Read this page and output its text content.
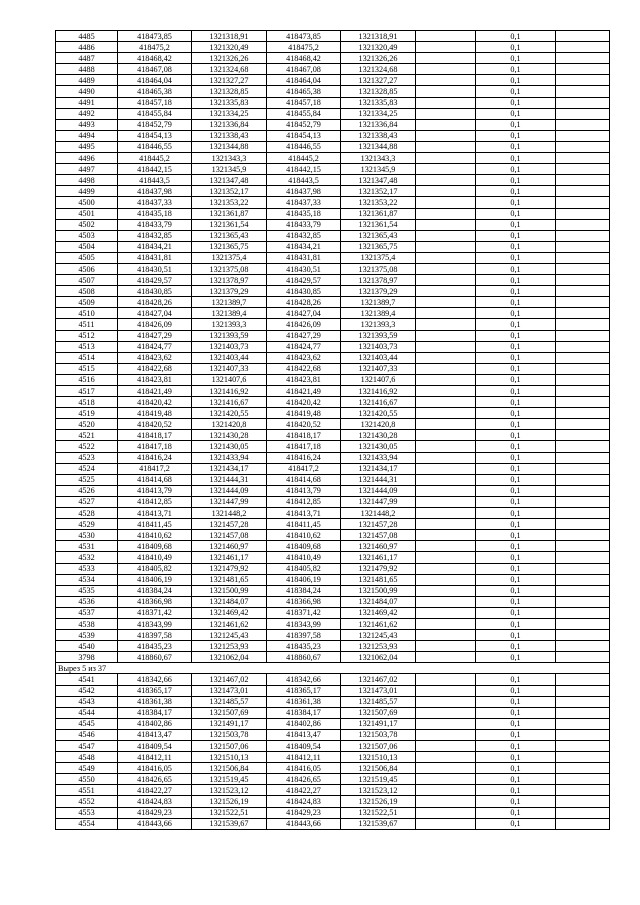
4485	418473,85	1321318,91	418473,85	1321318,91		0,1	
4486	418475,2	1321320,49	418475,2	1321320,49		0,1	
4487	418468,42	1321326,26	418468,42	1321326,26		0,1	
4488	418467,08	1321324,68	418467,08	1321324,68		0,1	
4489	418464,04	1321327,27	418464,04	1321327,27		0,1	
4490	418465,38	1321328,85	418465,38	1321328,85		0,1	
4491	418457,18	1321335,83	418457,18	1321335,83		0,1	
4492	418455,84	1321334,25	418455,84	1321334,25		0,1	
4493	418452,79	1321336,84	418452,79	1321336,84		0,1	
4494	418454,13	1321338,43	418454,13	1321338,43		0,1	
4495	418446,55	1321344,88	418446,55	1321344,88		0,1	
4496	418445,2	1321343,3	418445,2	1321343,3		0,1	
4497	418442,15	1321345,9	418442,15	1321345,9		0,1	
4498	418443,5	1321347,48	418443,5	1321347,48		0,1	
4499	418437,98	1321352,17	418437,98	1321352,17		0,1	
4500	418437,33	1321353,22	418437,33	1321353,22		0,1	
4501	418435,18	1321361,87	418435,18	1321361,87		0,1	
4502	418433,79	1321361,54	418433,79	1321361,54		0,1	
4503	418432,85	1321365,43	418432,85	1321365,43		0,1	
4504	418434,21	1321365,75	418434,21	1321365,75		0,1	
4505	418431,81	1321375,4	418431,81	1321375,4		0,1	
4506	418430,51	1321375,08	418430,51	1321375,08		0,1	
4507	418429,57	1321378,97	418429,57	1321378,97		0,1	
4508	418430,85	1321379,29	418430,85	1321379,29		0,1	
4509	418428,26	1321389,7	418428,26	1321389,7		0,1	
4510	418427,04	1321389,4	418427,04	1321389,4		0,1	
4511	418426,09	1321393,3	418426,09	1321393,3		0,1	
4512	418427,29	1321393,59	418427,29	1321393,59		0,1	
4513	418424,77	1321403,73	418424,77	1321403,73		0,1	
4514	418423,62	1321403,44	418423,62	1321403,44		0,1	
4515	418422,68	1321407,33	418422,68	1321407,33		0,1	
4516	418423,81	1321407,6	418423,81	1321407,6		0,1	
4517	418421,49	1321416,92	418421,49	1321416,92		0,1	
4518	418420,42	1321416,67	418420,42	1321416,67		0,1	
4519	418419,48	1321420,55	418419,48	1321420,55		0,1	
4520	418420,52	1321420,8	418420,52	1321420,8		0,1	
4521	418418,17	1321430,28	418418,17	1321430,28		0,1	
4522	418417,18	1321430,05	418417,18	1321430,05		0,1	
4523	418416,24	1321433,94	418416,24	1321433,94		0,1	
4524	418417,2	1321434,17	418417,2	1321434,17		0,1	
4525	418414,68	1321444,31	418414,68	1321444,31		0,1	
4526	418413,79	1321444,09	418413,79	1321444,09		0,1	
4527	418412,85	1321447,99	418412,85	1321447,99		0,1	
4528	418413,71	1321448,2	418413,71	1321448,2		0,1	
4529	418411,45	1321457,28	418411,45	1321457,28		0,1	
4530	418410,62	1321457,08	418410,62	1321457,08		0,1	
4531	418409,68	1321460,97	418409,68	1321460,97		0,1	
4532	418410,49	1321461,17	418410,49	1321461,17		0,1	
4533	418405,82	1321479,92	418405,82	1321479,92		0,1	
4534	418406,19	1321481,65	418406,19	1321481,65		0,1	
4535	418384,24	1321500,99	418384,24	1321500,99		0,1	
4536	418366,98	1321484,07	418366,98	1321484,07		0,1	
4537	418371,42	1321469,42	418371,42	1321469,42		0,1	
4538	418343,99	1321461,62	418343,99	1321461,62		0,1	
4539	418397,58	1321245,43	418397,58	1321245,43		0,1	
4540	418435,23	1321253,93	418435,23	1321253,93		0,1	
3798	418860,67	1321062,04	418860,67	1321062,04		0,1	
Вырез 5 из 37							
4541	418342,66	1321467,02	418342,66	1321467,02		0,1	
4542	418365,17	1321473,01	418365,17	1321473,01		0,1	
4543	418361,38	1321485,57	418361,38	1321485,57		0,1	
4544	418384,17	1321507,69	418384,17	1321507,69		0,1	
4545	418402,86	1321491,17	418402,86	1321491,17		0,1	
4546	418413,47	1321503,78	418413,47	1321503,78		0,1	
4547	418409,54	1321507,06	418409,54	1321507,06		0,1	
4548	418412,11	1321510,13	418412,11	1321510,13		0,1	
4549	418416,05	1321506,84	418416,05	1321506,84		0,1	
4550	418426,65	1321519,45	418426,65	1321519,45		0,1	
4551	418422,27	1321523,12	418422,27	1321523,12		0,1	
4552	418424,83	1321526,19	418424,83	1321526,19		0,1	
4553	418429,23	1321522,51	418429,23	1321522,51		0,1	
4554	418443,66	1321539,67	418443,66	1321539,67		0,1	
